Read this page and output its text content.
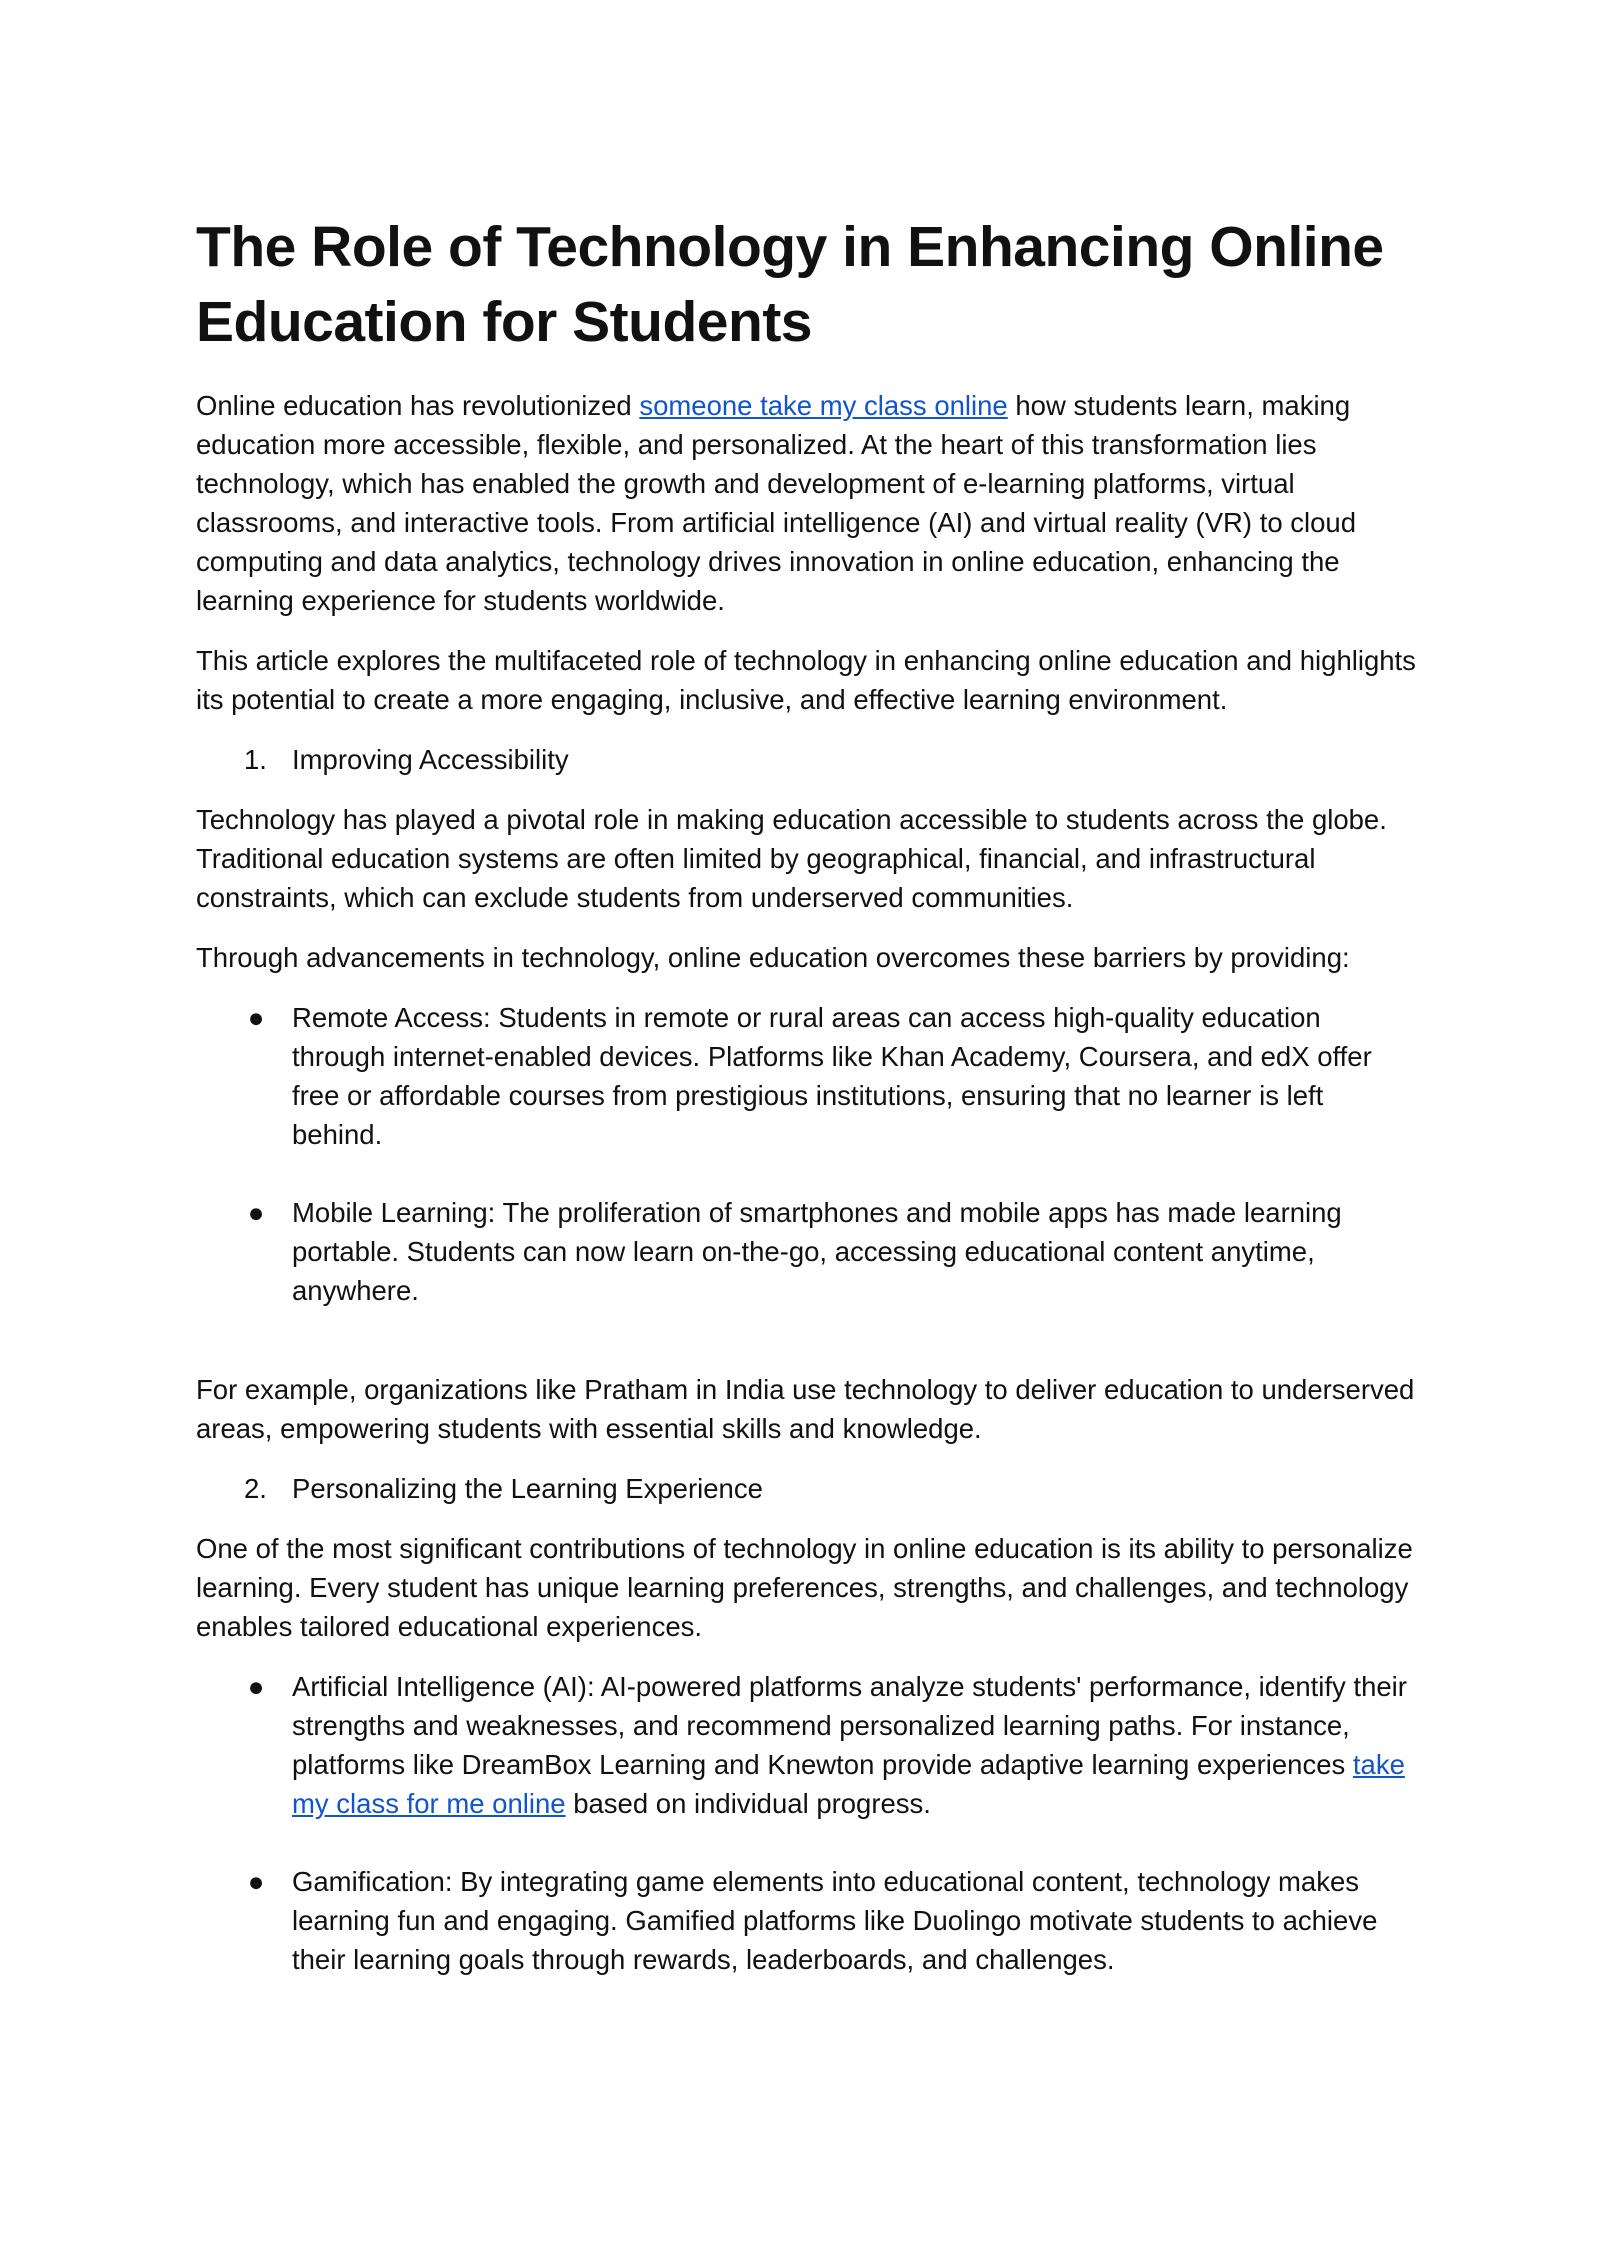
The Role of Technology in Enhancing Online Education for Students

Online education has revolutionized someone take my class online how students learn, making education more accessible, flexible, and personalized. At the heart of this transformation lies technology, which has enabled the growth and development of e-learning platforms, virtual classrooms, and interactive tools. From artificial intelligence (AI) and virtual reality (VR) to cloud computing and data analytics, technology drives innovation in online education, enhancing the learning experience for students worldwide.

This article explores the multifaceted role of technology in enhancing online education and highlights its potential to create a more engaging, inclusive, and effective learning environment.

1. Improving Accessibility

Technology has played a pivotal role in making education accessible to students across the globe. Traditional education systems are often limited by geographical, financial, and infrastructural constraints, which can exclude students from underserved communities.

Through advancements in technology, online education overcomes these barriers by providing:

● Remote Access: Students in remote or rural areas can access high-quality education through internet-enabled devices. Platforms like Khan Academy, Coursera, and edX offer free or affordable courses from prestigious institutions, ensuring that no learner is left behind.
● Mobile Learning: The proliferation of smartphones and mobile apps has made learning portable. Students can now learn on-the-go, accessing educational content anytime, anywhere.

For example, organizations like Pratham in India use technology to deliver education to underserved areas, empowering students with essential skills and knowledge.

2. Personalizing the Learning Experience

One of the most significant contributions of technology in online education is its ability to personalize learning. Every student has unique learning preferences, strengths, and challenges, and technology enables tailored educational experiences.

● Artificial Intelligence (AI): AI-powered platforms analyze students' performance, identify their strengths and weaknesses, and recommend personalized learning paths. For instance, platforms like DreamBox Learning and Knewton provide adaptive learning experiences take my class for me online based on individual progress.
● Gamification: By integrating game elements into educational content, technology makes learning fun and engaging. Gamified platforms like Duolingo motivate students to achieve their learning goals through rewards, leaderboards, and challenges.
